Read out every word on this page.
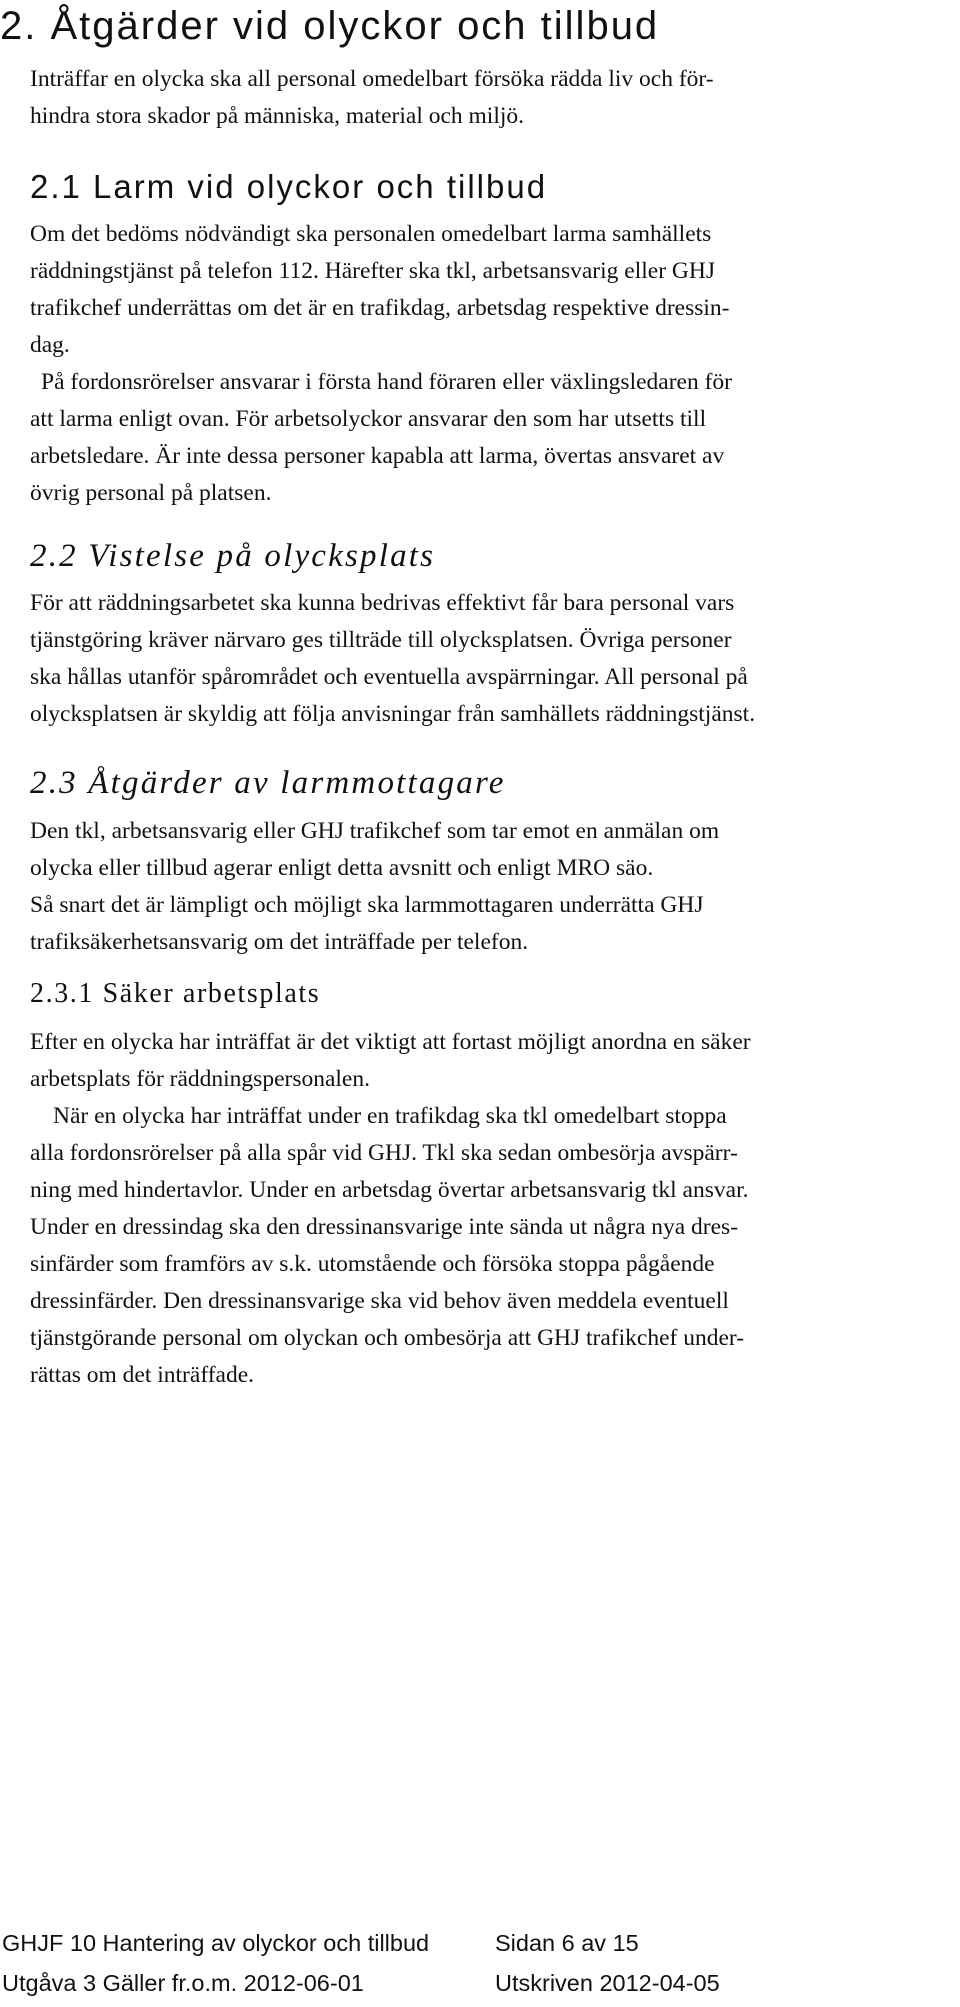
2. Åtgärder vid olyckor och tillbud
Inträffar en olycka ska all personal omedelbart försöka rädda liv och för-
hindra stora skador på människa, material och miljö.
2.1 Larm vid olyckor och tillbud
Om det bedöms nödvändigt ska personalen omedelbart larma samhällets
räddningstjänst på telefon 112. Härefter ska tkl, arbetsansvarig eller GHJ
trafikchef underrättas om det är en trafikdag, arbetsdag respektive dressin-
dag.
På fordonsrörelser ansvarar i första hand föraren eller växlingsledaren för
att larma enligt ovan. För arbetsolyckor ansvarar den som har utsetts till
arbetsledare. Är inte dessa personer kapabla att larma, övertas ansvaret av
övrig personal på platsen.
2.2 Vistelse på olycksplats
För att räddningsarbetet ska kunna bedrivas effektivt får bara personal vars
tjänstgöring kräver närvaro ges tillträde till olycksplatsen. Övriga personer
ska hållas utanför spårområdet och eventuella avspärrningar. All personal på
olycksplatsen är skyldig att följa anvisningar från samhällets räddningstjänst.
2.3 Åtgärder av larmmottagare
Den tkl, arbetsansvarig eller GHJ trafikchef som tar emot en anmälan om
olycka eller tillbud agerar enligt detta avsnitt och enligt MRO säo.
Så snart det är lämpligt och möjligt ska larmmottagaren underrätta GHJ
trafiksäkerhetsansvarig om det inträffade per telefon.
2.3.1 Säker arbetsplats
Efter en olycka har inträffat är det viktigt att fortast möjligt anordna en säker
arbetsplats för räddningspersonalen.
När en olycka har inträffat under en trafikdag ska tkl omedelbart stoppa
alla fordonsrörelser på alla spår vid GHJ. Tkl ska sedan ombesörja avspärr-
ning med hindertavlor. Under en arbetsdag övertar arbetsansvarig tkl ansvar.
Under en dressindag ska den dressinansvarige inte sända ut några nya dres-
sinfärder som framförs av s.k. utomstående och försöka stoppa pågående
dressinfärder. Den dressinansvarige ska vid behov även meddela eventuell
tjänstgörande personal om olyckan och ombesörja att GHJ trafikchef under-
rättas om det inträffade.
GHJF 10 Hantering av olyckor och tillbud	Sidan 6 av 15
Utgåva 3 Gäller fr.o.m. 2012-06-01	Utskriven 2012-04-05
